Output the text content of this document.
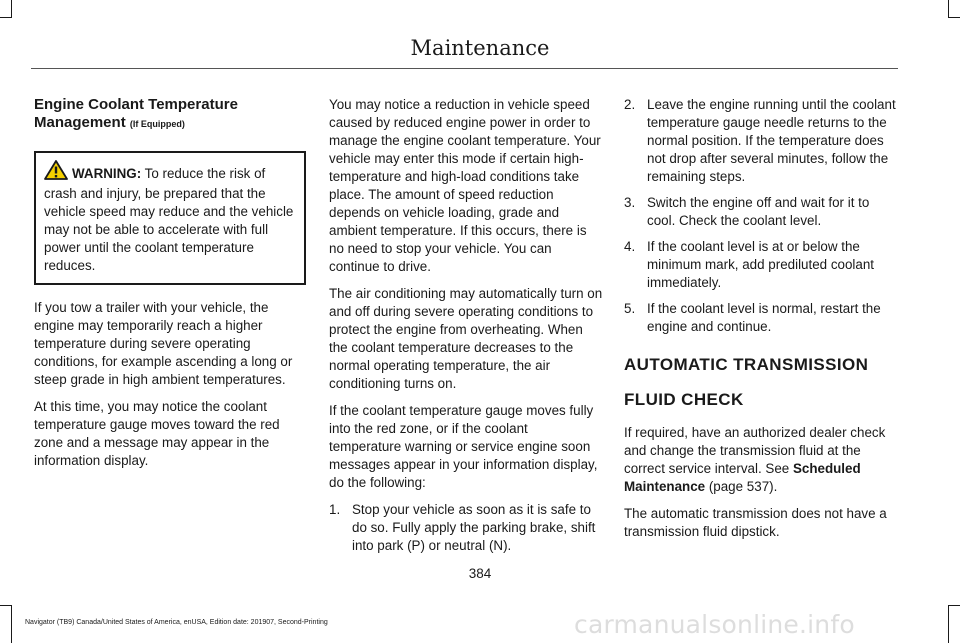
Maintenance
Engine Coolant Temperature Management (If Equipped)
WARNING: To reduce the risk of crash and injury, be prepared that the vehicle speed may reduce and the vehicle may not be able to accelerate with full power until the coolant temperature reduces.

If you tow a trailer with your vehicle, the engine may temporarily reach a higher temperature during severe operating conditions, for example ascending a long or steep grade in high ambient temperatures.

At this time, you may notice the coolant temperature gauge moves toward the red zone and a message may appear in the information display.

You may notice a reduction in vehicle speed caused by reduced engine power in order to manage the engine coolant temperature. Your vehicle may enter this mode if certain high-temperature and high-load conditions take place. The amount of speed reduction depends on vehicle loading, grade and ambient temperature. If this occurs, there is no need to stop your vehicle. You can continue to drive.

The air conditioning may automatically turn on and off during severe operating conditions to protect the engine from overheating. When the coolant temperature decreases to the normal operating temperature, the air conditioning turns on.

If the coolant temperature gauge moves fully into the red zone, or if the coolant temperature warning or service engine soon messages appear in your information display, do the following:

1. Stop your vehicle as soon as it is safe to do so. Fully apply the parking brake, shift into park (P) or neutral (N).
2. Leave the engine running until the coolant temperature gauge needle returns to the normal position. If the temperature does not drop after several minutes, follow the remaining steps.
3. Switch the engine off and wait for it to cool. Check the coolant level.
4. If the coolant level is at or below the minimum mark, add prediluted coolant immediately.
5. If the coolant level is normal, restart the engine and continue.
AUTOMATIC TRANSMISSION
FLUID CHECK

If required, have an authorized dealer check and change the transmission fluid at the correct service interval. See Scheduled Maintenance (page 537).

The automatic transmission does not have a transmission fluid dipstick.

384
Navigator (TB9) Canada/United States of America, enUSA, Edition date: 201907, Second-Printing	carmanualsonline.info
